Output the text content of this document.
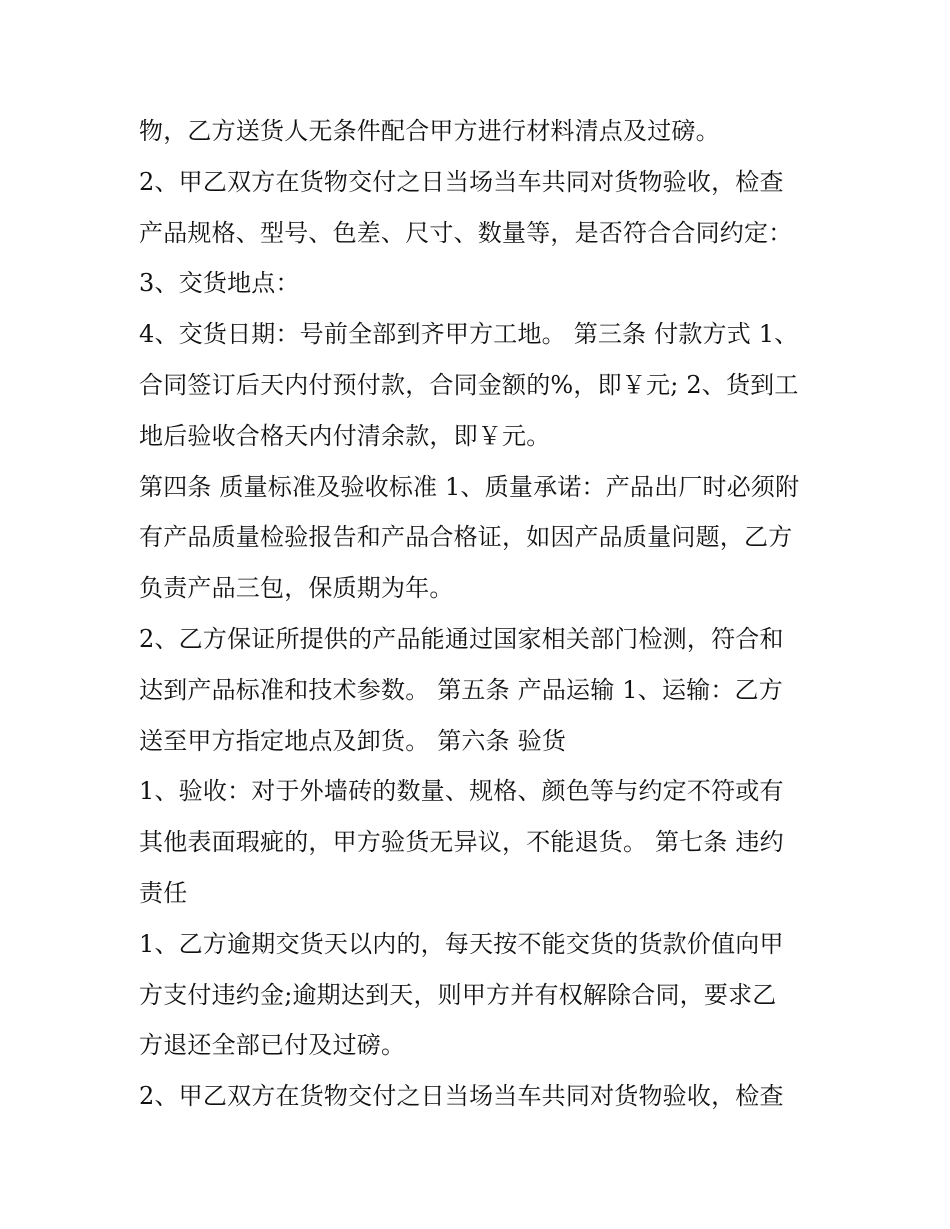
物，乙方送货人无条件配合甲方进行材料清点及过磅。
2、甲乙双方在货物交付之日当场当车共同对货物验收，检查
产品规格、型号、色差、尺寸、数量等，是否符合合同约定：
3、交货地点：
4、交货日期：号前全部到齐甲方工地。 第三条 付款方式 1、
合同签订后天内付预付款，合同金额的%，即￥元; 2、货到工
地后验收合格天内付清余款，即￥元。
第四条 质量标准及验收标准 1、质量承诺：产品出厂时必须附
有产品质量检验报告和产品合格证，如因产品质量问题，乙方
负责产品三包，保质期为年。
2、乙方保证所提供的产品能通过国家相关部门检测，符合和
达到产品标准和技术参数。 第五条 产品运输 1、运输：乙方
送至甲方指定地点及卸货。 第六条 验货
1、验收：对于外墙砖的数量、规格、颜色等与约定不符或有
其他表面瑕疵的，甲方验货无异议，不能退货。 第七条 违约
责任
1、乙方逾期交货天以内的，每天按不能交货的货款价值向甲
方支付违约金;逾期达到天，则甲方并有权解除合同，要求乙
方退还全部已付及过磅。
2、甲乙双方在货物交付之日当场当车共同对货物验收，检查
